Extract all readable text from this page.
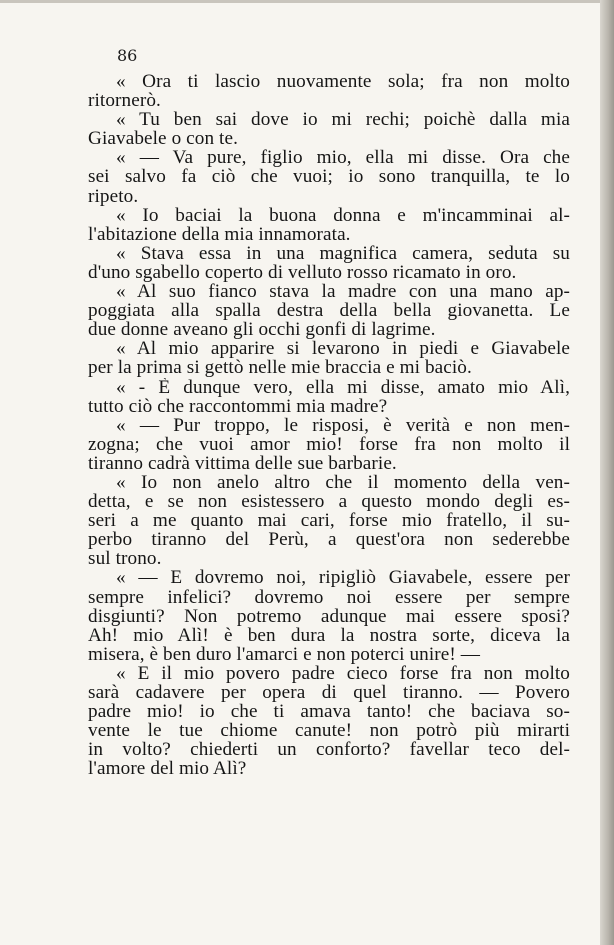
86
« Ora ti lascio nuovamente sola; fra non molto
ritornerò.
« Tu ben sai dove io mi rechi; poichè dalla mia
Giavabele o con te.
« — Va pure, figlio mio, ella mi disse. Ora che
sei salvo fa ciò che vuoi; io sono tranquilla, te lo
ripeto.
« Io baciai la buona donna e m'incamminai al-
l'abitazione della mia innamorata.
« Stava essa in una magnifica camera, seduta su
d'uno sgabello coperto di velluto rosso ricamato in oro.
« Al suo fianco stava la madre con una mano ap-
poggiata alla spalla destra della bella giovanetta. Le
due donne aveano gli occhi gonfi di lagrime.
« Al mio apparire si levarono in piedi e Giavabele
per la prima si gettò nelle mie braccia e mi baciò.
« - È dunque vero, ella mi disse, amato mio Alì,
tutto ciò che raccontommi mia madre?
« — Pur troppo, le risposi, è verità e non men-
zogna; che vuoi amor mio! forse fra non molto il
tiranno cadrà vittima delle sue barbarie.
« Io non anelo altro che il momento della ven-
detta, e se non esistessero a questo mondo degli es-
seri a me quanto mai cari, forse mio fratello, il su-
perbo tiranno del Perù, a quest'ora non sederebbe
sul trono.
« — E dovremo noi, ripigliò Giavabele, essere per
sempre infelici? dovremo noi essere per sempre
disgiunti? Non potremo adunque mai essere sposi?
Ah! mio Alì! è ben dura la nostra sorte, diceva la
misera, è ben duro l'amarci e non poterci unire! —
« E il mio povero padre cieco forse fra non molto
sarà cadavere per opera di quel tiranno. — Povero
padre mio! io che ti amava tanto! che baciava so-
vente le tue chiome canute! non potrò più mirarti
in volto? chiederti un conforto? favellar teco del-
l'amore del mio Alì?
